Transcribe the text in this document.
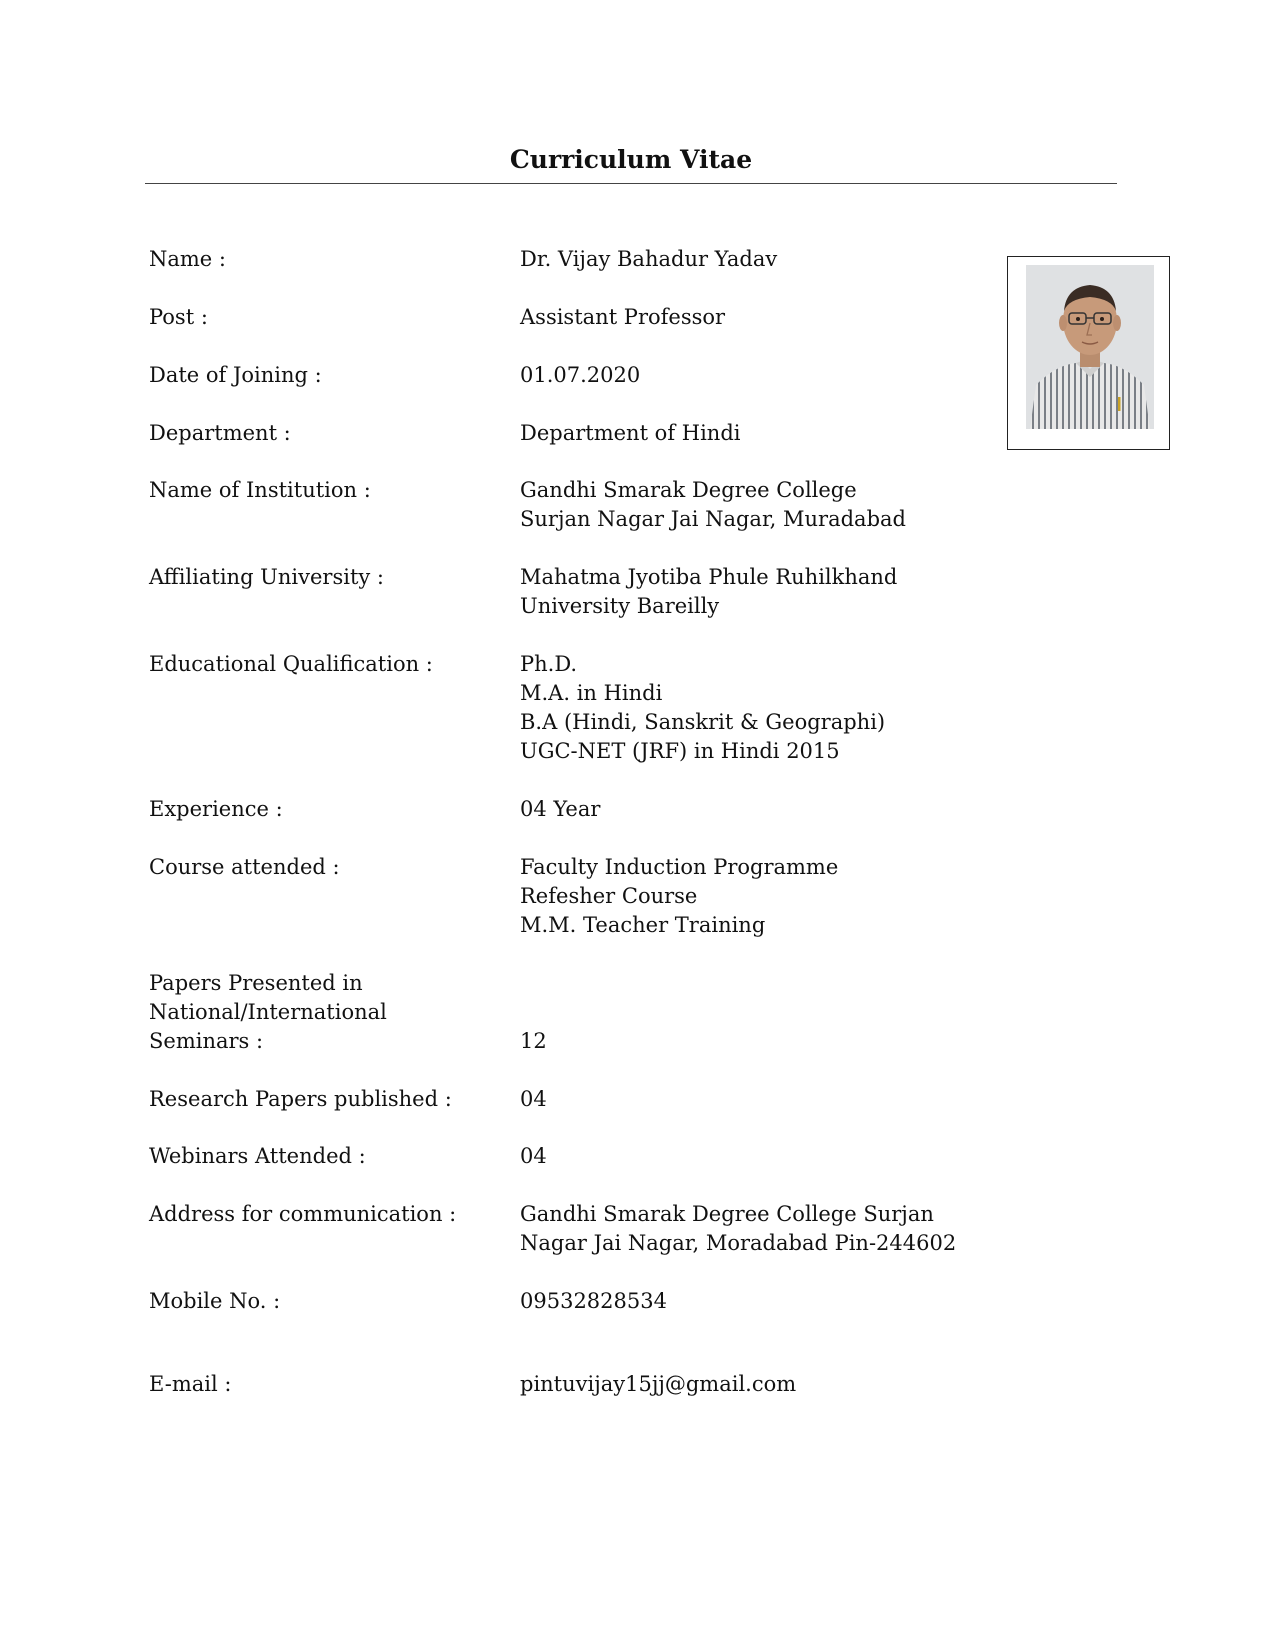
Curriculum Vitae
Name :	Dr. Vijay Bahadur Yadav
Post :	Assistant Professor
Date of Joining :	01.07.2020
Department :	Department of Hindi
Name of Institution :	Gandhi Smarak Degree College
Surjan Nagar Jai Nagar, Muradabad
Affiliating University :	Mahatma Jyotiba Phule Ruhilkhand
University Bareilly
Educational Qualification :	Ph.D.
M.A. in Hindi
B.A (Hindi, Sanskrit & Geographi)
UGC-NET (JRF) in Hindi 2015
Experience :	04 Year
Course attended :	Faculty Induction Programme
Refesher Course
M.M. Teacher Training
Papers Presented in
National/International
Seminars :	12
Research Papers published :	04
Webinars Attended :	04
Address for communication :	Gandhi Smarak Degree College Surjan
Nagar Jai Nagar, Moradabad Pin-244602
Mobile No. :	09532828534
E-mail :	pintuvijay15jj@gmail.com
